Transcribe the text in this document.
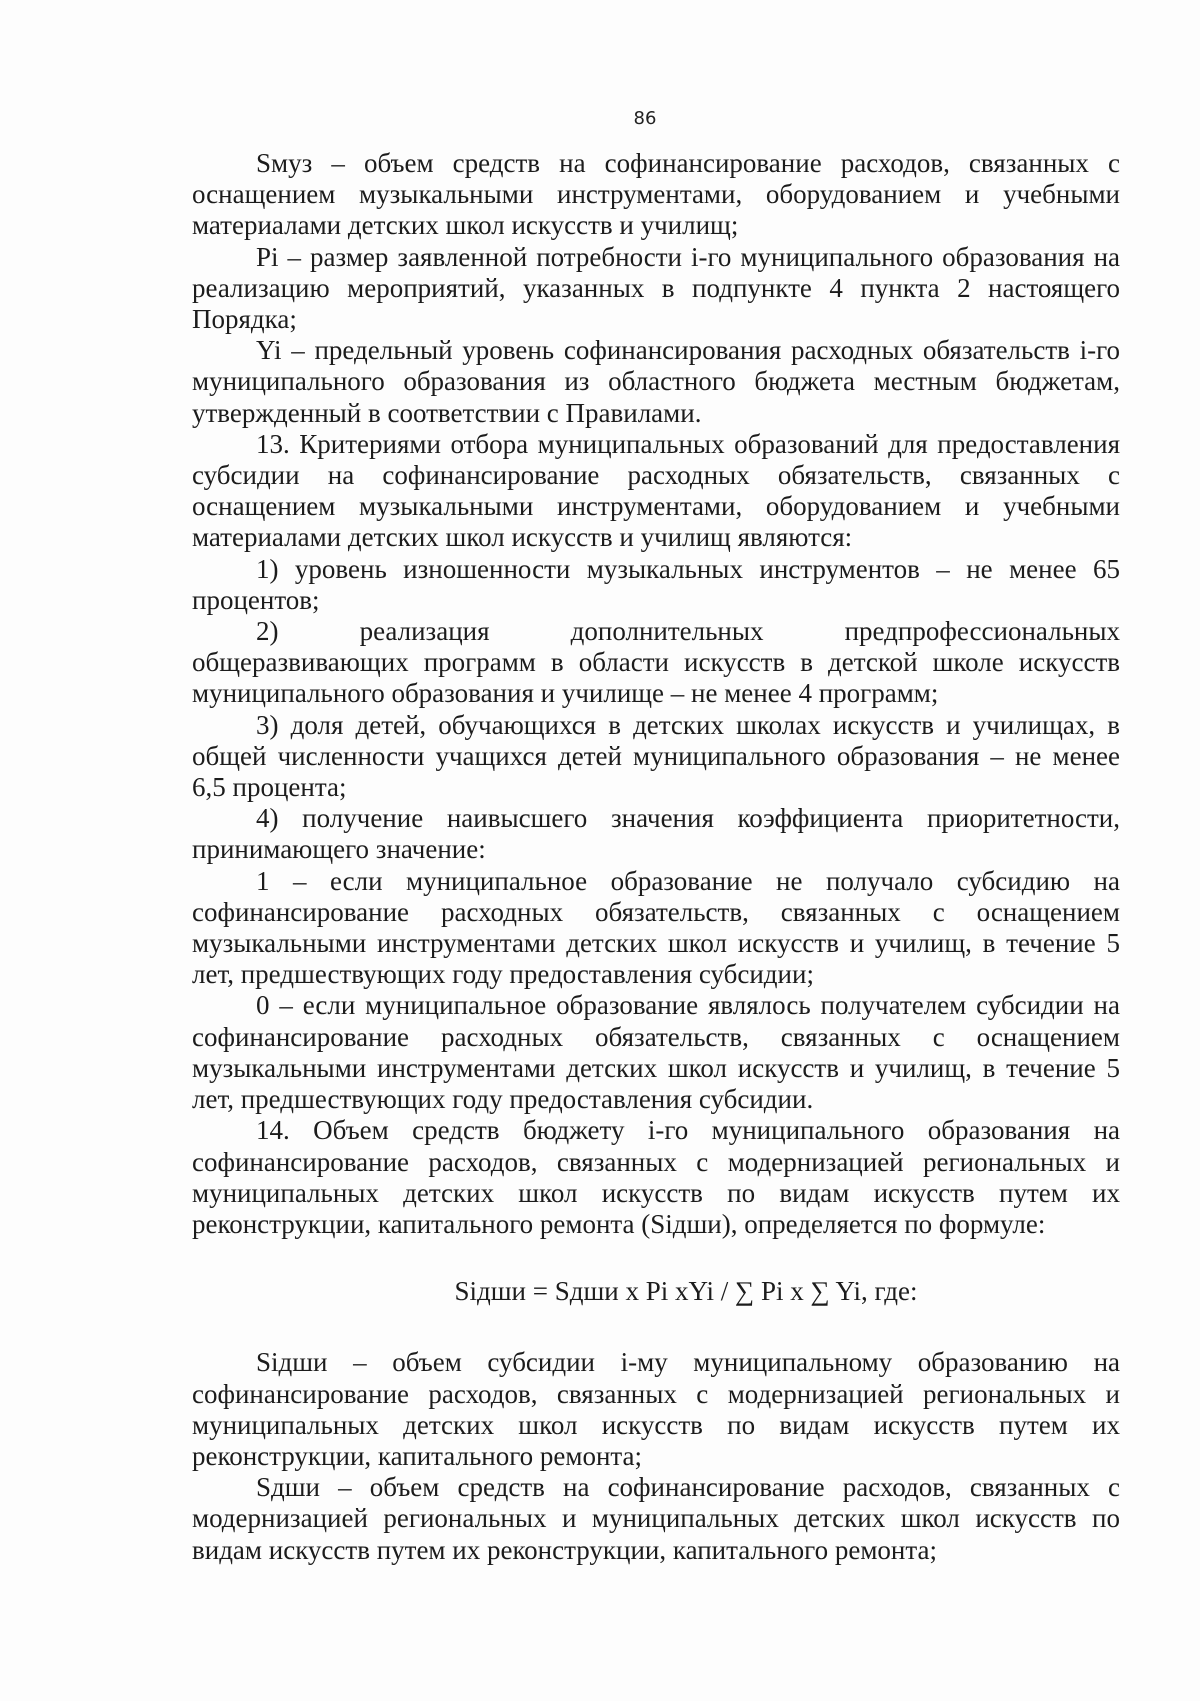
86

Sмуз – объем средств на софинансирование расходов, связанных с оснащением музыкальными инструментами, оборудованием и учебными материалами детских школ искусств и училищ;

Pi – размер заявленной потребности i-го муниципального образования на реализацию мероприятий, указанных в подпункте 4 пункта 2 настоящего Порядка;

Yi – предельный уровень софинансирования расходных обязательств i-го муниципального образования из областного бюджета местным бюджетам, утвержденный в соответствии с Правилами.

13. Критериями отбора муниципальных образований для предоставления субсидии на софинансирование расходных обязательств, связанных с оснащением музыкальными инструментами, оборудованием и учебными материалами детских школ искусств и училищ являются:

1) уровень изношенности музыкальных инструментов – не менее 65 процентов;

2) реализация дополнительных предпрофессиональных общеразвивающих программ в области искусств в детской школе искусств муниципального образования и училище – не менее 4 программ;

3) доля детей, обучающихся в детских школах искусств и училищах, в общей численности учащихся детей муниципального образования – не менее 6,5 процента;

4) получение наивысшего значения коэффициента приоритетности, принимающего значение:

1 – если муниципальное образование не получало субсидию на софинансирование расходных обязательств, связанных с оснащением музыкальными инструментами детских школ искусств и училищ, в течение 5 лет, предшествующих году предоставления субсидии;

0 – если муниципальное образование являлось получателем субсидии на софинансирование расходных обязательств, связанных с оснащением музыкальными инструментами детских школ искусств и училищ, в течение 5 лет, предшествующих году предоставления субсидии.

14. Объем средств бюджету i-го муниципального образования на софинансирование расходов, связанных с модернизацией региональных и муниципальных детских школ искусств по видам искусств путем их реконструкции, капитального ремонта (Siдши), определяется по формуле:

Siдши = Sдши x Pi xYi / ∑ Pi x ∑ Yi, где:

Siдши – объем субсидии i-му муниципальному образованию на софинансирование расходов, связанных с модернизацией региональных и муниципальных детских школ искусств по видам искусств путем их реконструкции, капитального ремонта;

Sдши – объем средств на софинансирование расходов, связанных с модернизацией региональных и муниципальных детских школ искусств по видам искусств путем их реконструкции, капитального ремонта;
